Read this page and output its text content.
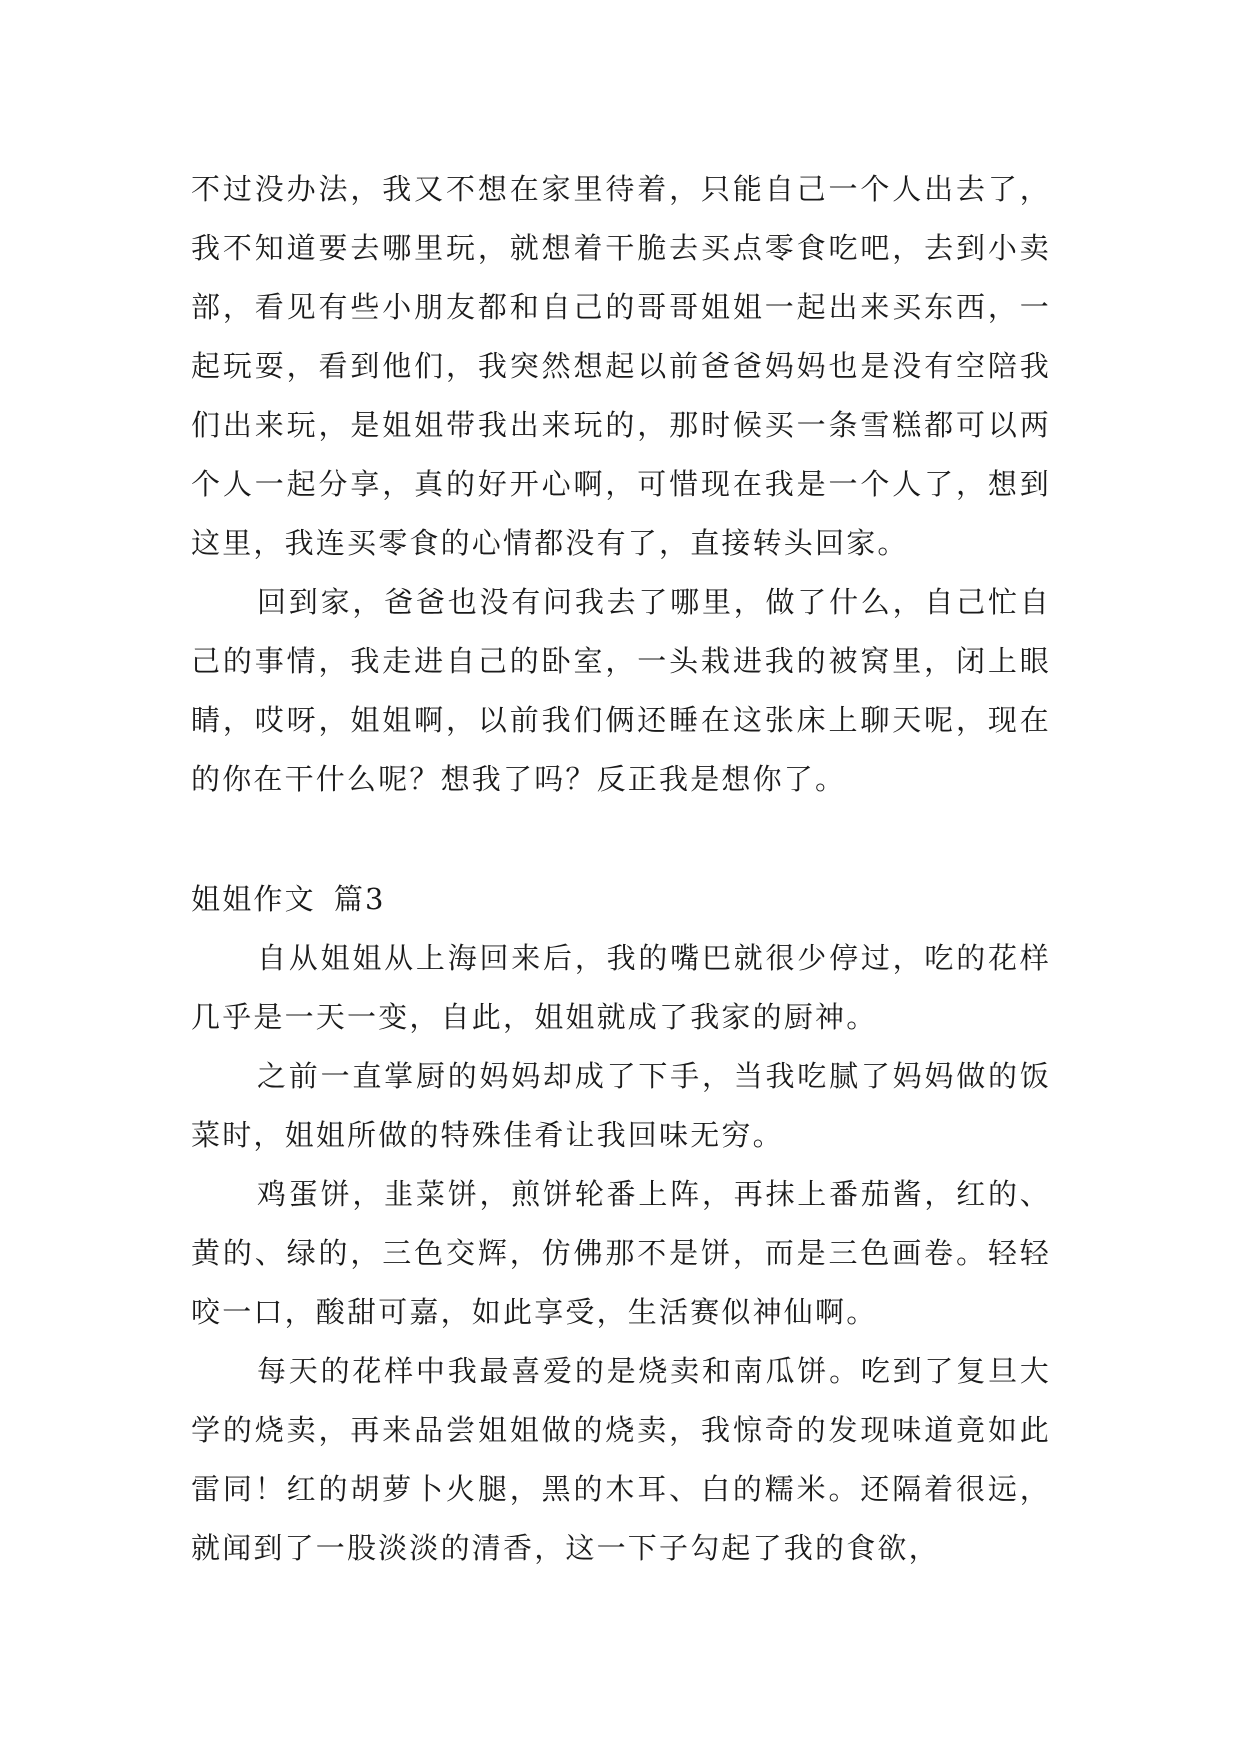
不过没办法，我又不想在家里待着，只能自己一个人出去了，我不知道要去哪里玩，就想着干脆去买点零食吃吧，去到小卖部，看见有些小朋友都和自己的哥哥姐姐一起出来买东西，一起玩耍，看到他们，我突然想起以前爸爸妈妈也是没有空陪我们出来玩，是姐姐带我出来玩的，那时候买一条雪糕都可以两个人一起分享，真的好开心啊，可惜现在我是一个人了，想到这里，我连买零食的心情都没有了，直接转头回家。

回到家，爸爸也没有问我去了哪里，做了什么，自己忙自己的事情，我走进自己的卧室，一头栽进我的被窝里，闭上眼睛，哎呀，姐姐啊，以前我们俩还睡在这张床上聊天呢，现在的你在干什么呢？想我了吗？反正我是想你了。

姐姐作文 篇3

自从姐姐从上海回来后，我的嘴巴就很少停过，吃的花样几乎是一天一变，自此，姐姐就成了我家的厨神。

之前一直掌厨的妈妈却成了下手，当我吃腻了妈妈做的饭菜时，姐姐所做的特殊佳肴让我回味无穷。

鸡蛋饼，韭菜饼，煎饼轮番上阵，再抹上番茄酱，红的、黄的、绿的，三色交辉，仿佛那不是饼，而是三色画卷。轻轻咬一口，酸甜可嘉，如此享受，生活赛似神仙啊。

每天的花样中我最喜爱的是烧卖和南瓜饼。吃到了复旦大学的烧卖，再来品尝姐姐做的烧卖，我惊奇的发现味道竟如此雷同！红的胡萝卜火腿，黑的木耳、白的糯米。还隔着很远，就闻到了一股淡淡的清香，这一下子勾起了我的食欲，
